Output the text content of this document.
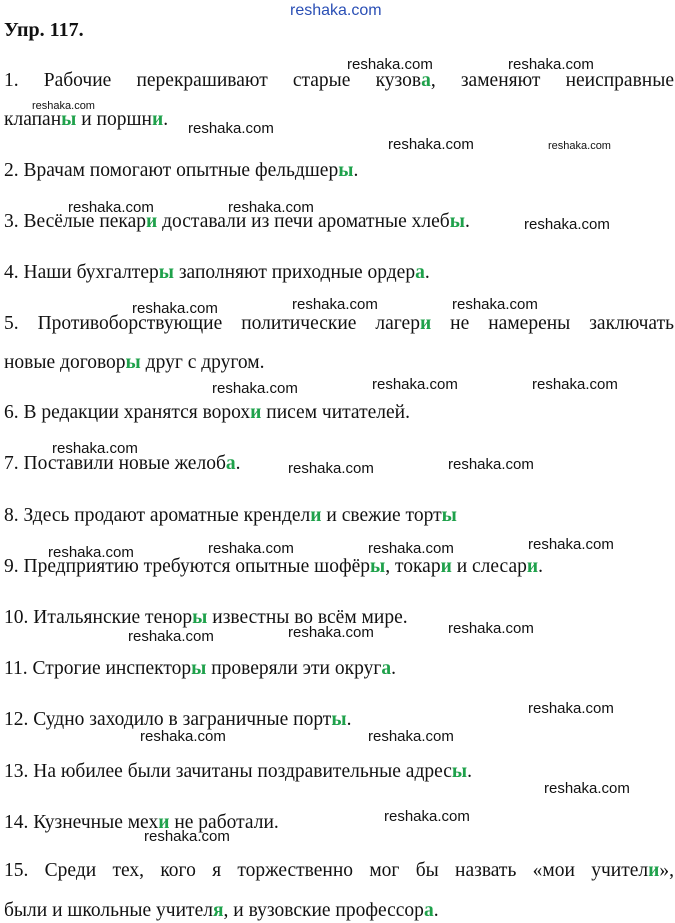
reshaka.com
Упр. 117.
1. Рабочие перекрашивают старые кузова, заменяют неисправные
клапаны и поршни.
2. Врачам помогают опытные фельдшеры.
3. Весёлые пекари доставали из печи ароматные хлебы.
4. Наши бухгалтеры заполняют приходные ордера.
5. Противоборствующие политические лагери не намерены заключать
новые договоры друг с другом.
6. В редакции хранятся ворохи писем читателей.
7. Поставили новые желоба.
8. Здесь продают ароматные крендели и свежие торты
9. Предприятию требуются опытные шофёры, токари и слесари.
10. Итальянские теноры известны во всём мире.
11. Строгие инспекторы проверяли эти округа.
12. Судно заходило в заграничные порты.
13. На юбилее были зачитаны поздравительные адресы.
14. Кузнечные мехи не работали.
15. Среди тех, кого я торжественно мог бы назвать «мои учители»,
были и школьные учителя, и вузовские профессора.
reshaka.com	reshaka.com
reshaka.com
reshaka.com
reshaka.com	reshaka.com
reshaka.com	reshaka.com
reshaka.com
reshaka.com	reshaka.com	reshaka.com
reshaka.com	reshaka.com	reshaka.com
reshaka.com
reshaka.com	reshaka.com
reshaka.com	reshaka.com	reshaka.com	reshaka.com
reshaka.com	reshaka.com	reshaka.com
reshaka.com
reshaka.com	reshaka.com
reshaka.com
reshaka.com
reshaka.com
